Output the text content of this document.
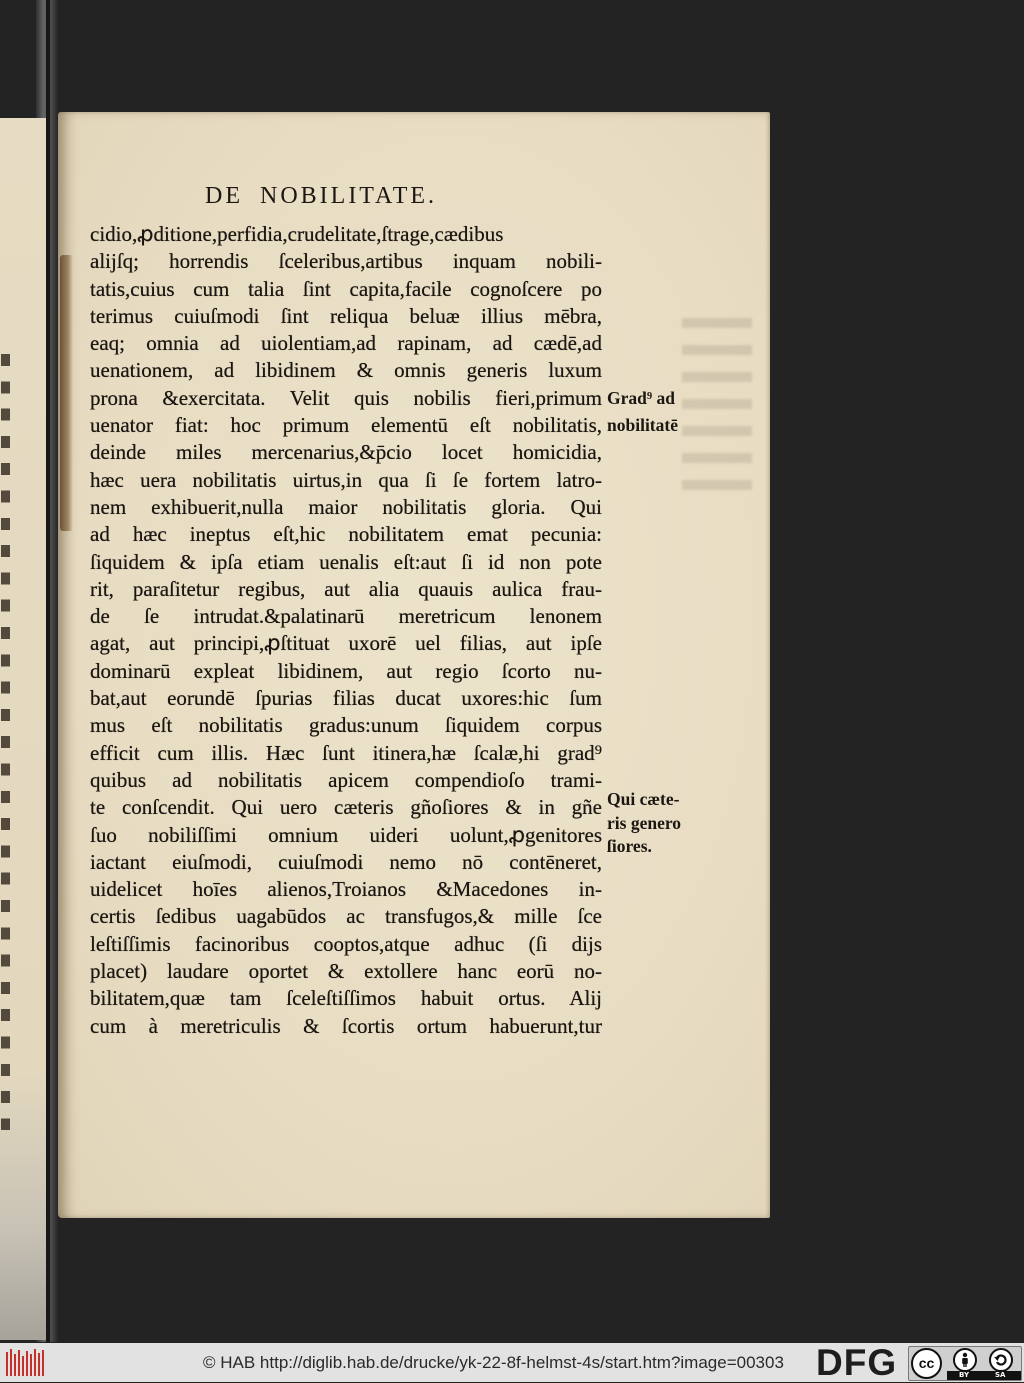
DE NOBILITATE.
cidio,ꝓditione,perfidia,crudelitate,ſtrage,cædibus
alijſq; horrendis ſceleribus,artibus inquam nobili-
tatis,cuius cum talia ſint capita,facile cognoſcere po
terimus cuiuſmodi ſint reliqua beluæ illius mēbra,
eaq; omnia ad uiolentiam,ad rapinam, ad cædē,ad
uenationem, ad libidinem & omnis generis luxum
prona &exercitata. Velit quis nobilis fieri,primum
uenator fiat: hoc primum elementū eſt nobilitatis,
deinde miles mercenarius,&p̄cio locet homicidia,
hæc uera nobilitatis uirtus,in qua ſi ſe fortem latro-
nem exhibuerit,nulla maior nobilitatis gloria. Qui
ad hæc ineptus eſt,hic nobilitatem emat pecunia:
ſiquidem & ipſa etiam uenalis eſt:aut ſi id non pote
rit, paraſitetur regibus, aut alia quauis aulica frau-
de ſe intrudat.&palatinarū meretricum lenonem
agat, aut principi,ꝓſtituat uxorē uel filias, aut ipſe
dominarū expleat libidinem, aut regio ſcorto nu-
bat,aut eorundē ſpurias filias ducat uxores:hic ſum
mus eſt nobilitatis gradus:unum ſiquidem corpus
efficit cum illis. Hæc ſunt itinera,hæ ſcalæ,hi grad⁹
quibus ad nobilitatis apicem compendioſo trami-
te conſcendit. Qui uero cæteris gñoſiores & in gñe
ſuo nobiliſſimi omnium uideri uolunt,ꝓgenitores
iactant eiuſmodi, cuiuſmodi nemo nō contēneret,
uidelicet hoīes alienos,Troianos &Macedones in-
certis ſedibus uagabūdos ac transfugos,& mille ſce
leſtiſſimis facinoribus cooptos,atque adhuc (ſi dijs
placet) laudare oportet & extollere hanc eorū no-
bilitatem,quæ tam ſceleſtiſſimos habuit ortus. Alij
cum à meretriculis & ſcortis ortum habuerunt,tur
Grad⁹ ad
nobilitatē
Qui cæte-
ris genero
ſiores.
© HAB http://diglib.hab.de/drucke/yk-22-8f-helmst-4s/start.htm?image=00303 DFG	cc
BY	SA
